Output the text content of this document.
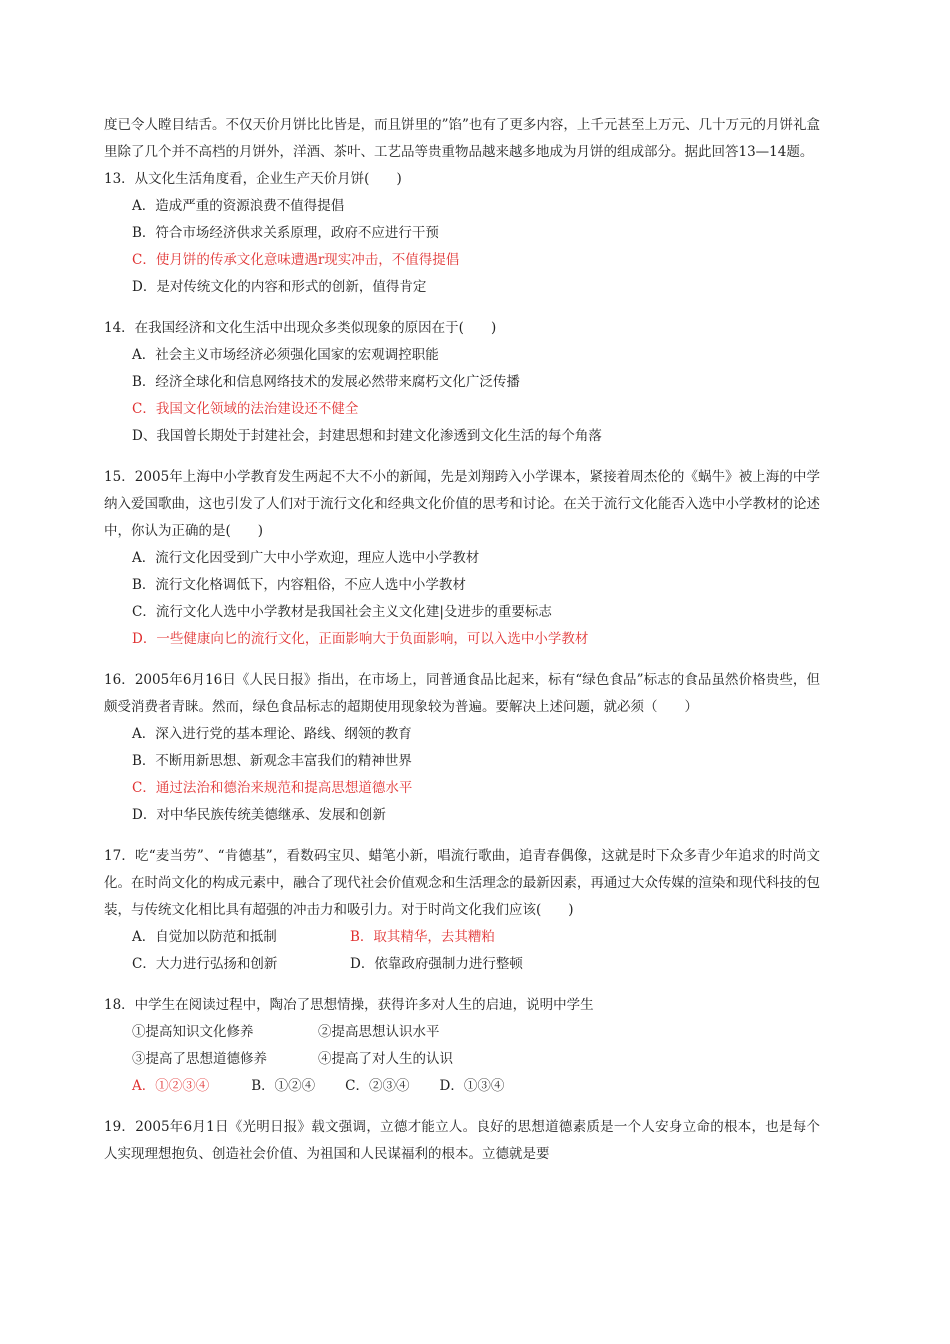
度已令人瞠目结舌。不仅天价月饼比比皆是，而且饼里的”馅”也有了更多内容，上千元甚至上万元、几十万元的月饼礼盒里除了几个并不高档的月饼外，洋酒、茶叶、工艺品等贵重物品越来越多地成为月饼的组成部分。据此回答13—14题。

13．从文化生活角度看，企业生产天价月饼(　　)
A．造成严重的资源浪费不值得提倡
B．符合市场经济供求关系原理，政府不应进行干预
C．使月饼的传承文化意味遭遇r现实冲击，不值得提倡
D．是对传统文化的内容和形式的创新，值得肯定
14．在我国经济和文化生活中出现众多类似现象的原因在于(　　)
A．社会主义市场经济必须强化国家的宏观调控职能
B．经济全球化和信息网络技术的发展必然带来腐朽文化广泛传播
C．我国文化领域的法治建设还不健全
D、我国曾长期处于封建社会，封建思想和封建文化渗透到文化生活的每个角落

15．2005年上海中小学教育发生两起不大不小的新闻，先是刘翔跨入小学课本，紧接着周杰伦的《蜗牛》被上海的中学纳入爱国歌曲，这也引发了人们对于流行文化和经典文化价值的思考和讨论。在关于流行文化能否入选中小学教材的论述中，你认为正确的是(　　)

A．流行文化因受到广大中小学欢迎，理应人选中小学教材
B．流行文化格调低下，内容粗俗，不应人选中小学教材
C．流行文化人选中小学教材是我国社会主义文化建|殳进步的重要标志
D．一些健康向匕的流行文化，正面影响大于负面影响，可以入选中小学教材

16．2005年6月16日《人民日报》指出，在市场上，同普通食品比起来，标有“绿色食品”标志的食品虽然价格贵些，但颇受消费者青睐。然而，绿色食品标志的超期使用现象较为普遍。要解决上述问题，就必须（　　）

A．深入进行党的基本理论、路线、纲领的教育
B．不断用新思想、新观念丰富我们的精神世界
C．通过法治和德治来规范和提高思想道德水平
D．对中华民族传统美德继承、发展和创新

17．吃“麦当劳”、“肯德基”，看数码宝贝、蜡笔小新，唱流行歌曲，追青春偶像，这就是时下众多青少年追求的时尚文化。在时尚文化的构成元素中，融合了现代社会价值观念和生活理念的最新因素，再通过大众传媒的渲染和现代科技的包装，与传统文化相比具有超强的冲击力和吸引力。对于时尚文化我们应该(　　)

A．自觉加以防范和抵制	B．取其精华，去其糟粕
C．大力进行弘扬和创新	D．依靠政府强制力进行整顿
18．中学生在阅读过程中，陶冶了思想情操，获得许多对人生的启迪，说明中学生
①提高知识文化修养	②提高思想认识水平
③提高了思想道德修养	④提高了对人生的认识
A．①②③④	B．①②④ C．②③④ D．①③④

19．2005年6月1日《光明日报》载文强调，立德才能立人。良好的思想道德素质是一个人安身立命的根本，也是每个人实现理想抱负、创造社会价值、为祖国和人民谋福利的根本。立德就是要
